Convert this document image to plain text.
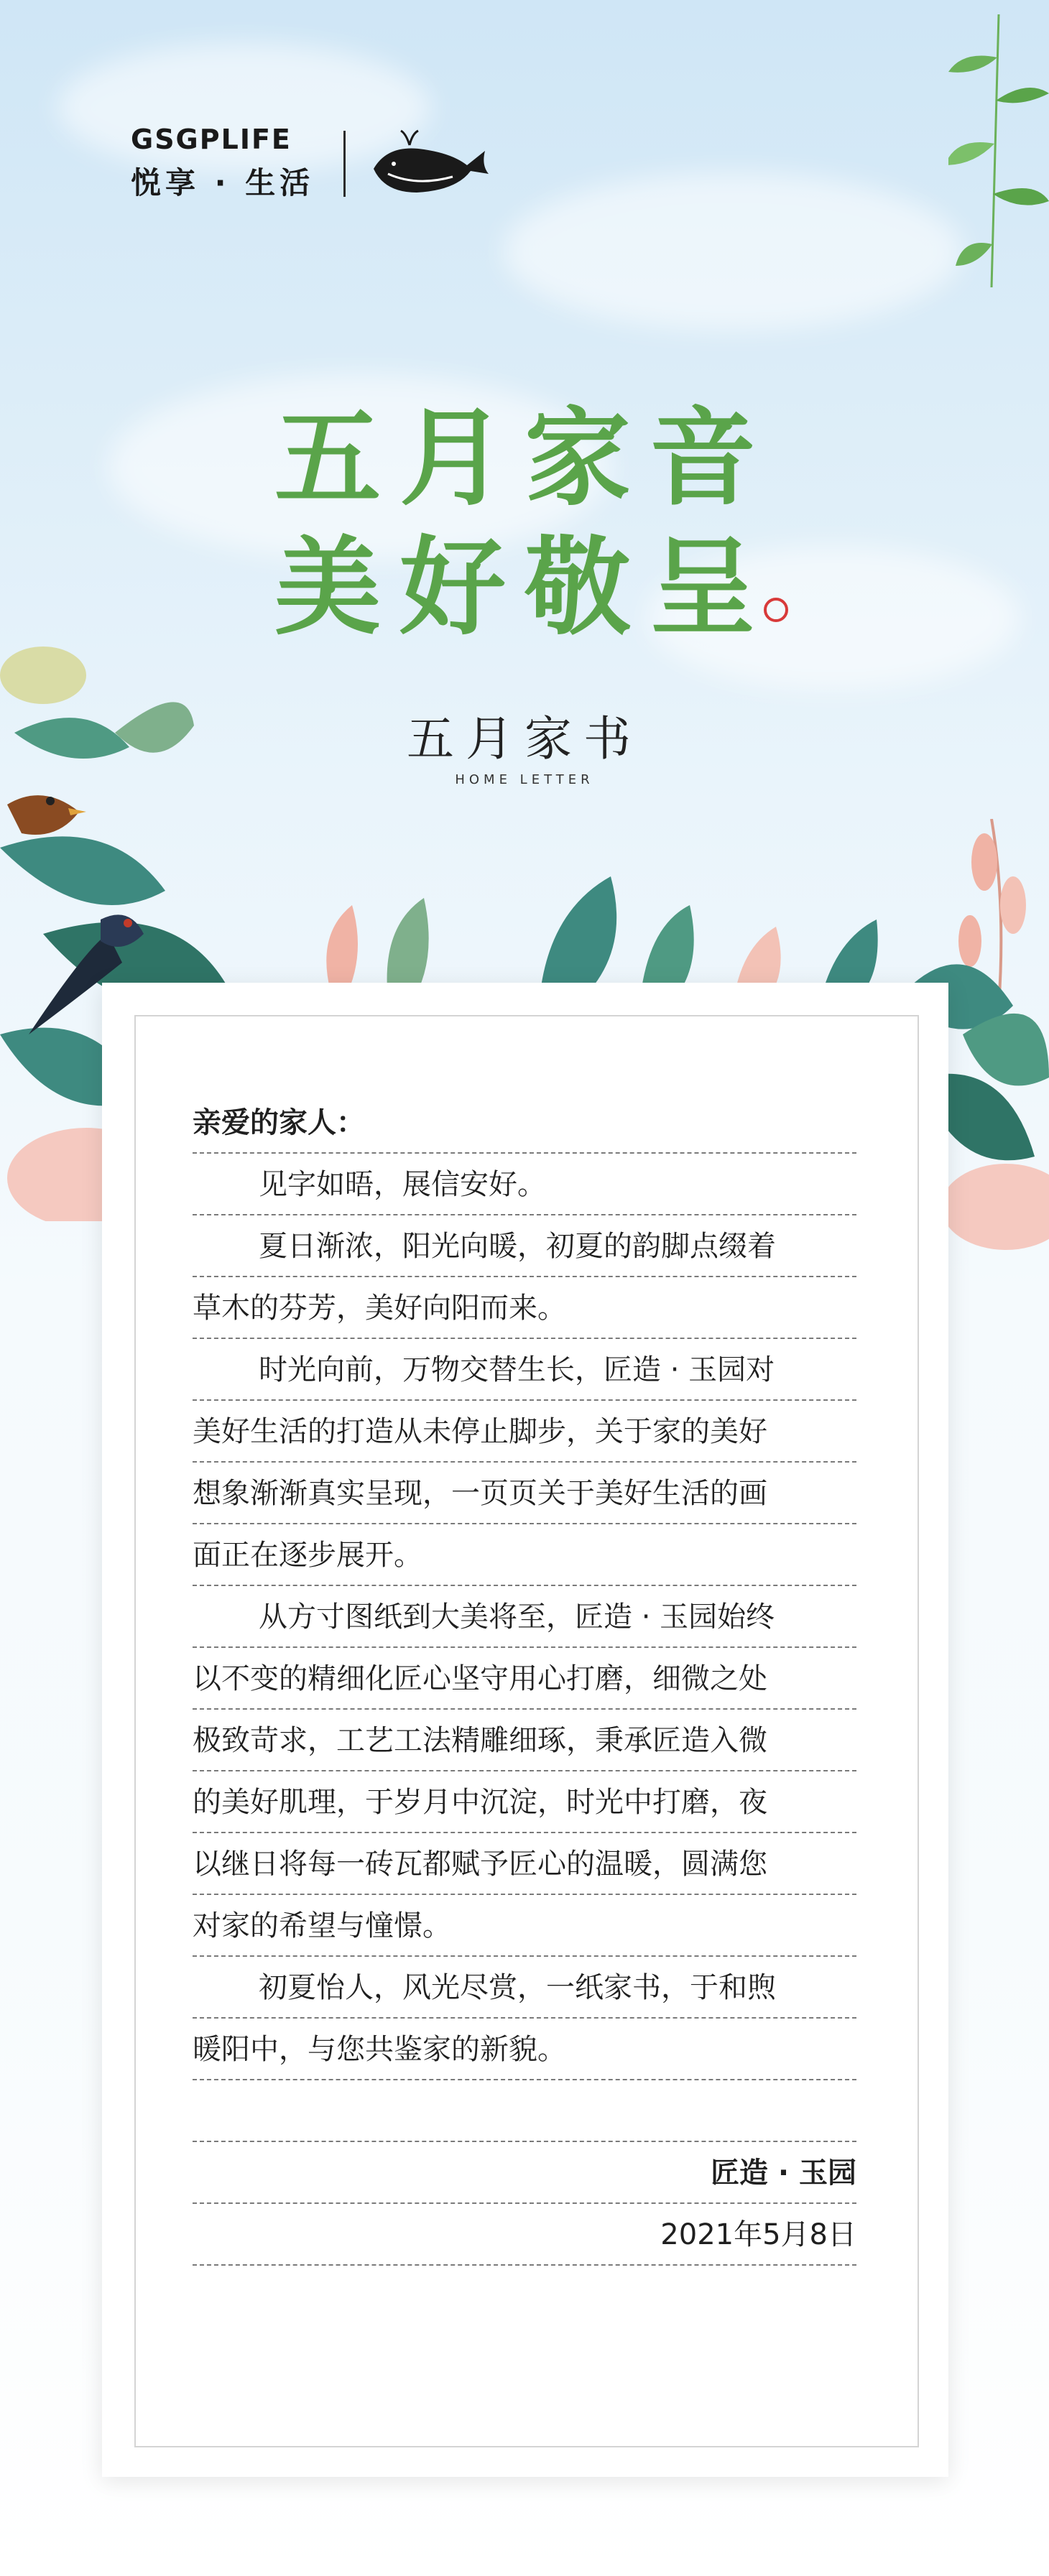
GSGPLIFE
悦享 · 生活
五月家音
美好敬呈
五月家书
HOME LETTER
亲爱的家人：
见字如晤，展信安好。
夏日渐浓，阳光向暖，初夏的韵脚点缀着
草木的芬芳，美好向阳而来。
时光向前，万物交替生长，匠造 · 玉园对
美好生活的打造从未停止脚步，关于家的美好
想象渐渐真实呈现，一页页关于美好生活的画
面正在逐步展开。
从方寸图纸到大美将至，匠造 · 玉园始终
以不变的精细化匠心坚守用心打磨，细微之处
极致苛求，工艺工法精雕细琢，秉承匠造入微
的美好肌理，于岁月中沉淀，时光中打磨，夜
以继日将每一砖瓦都赋予匠心的温暖，圆满您
对家的希望与憧憬。
初夏怡人，风光尽赏，一纸家书，于和煦
暖阳中，与您共鉴家的新貌。
匠造 · 玉园
2021年5月8日
